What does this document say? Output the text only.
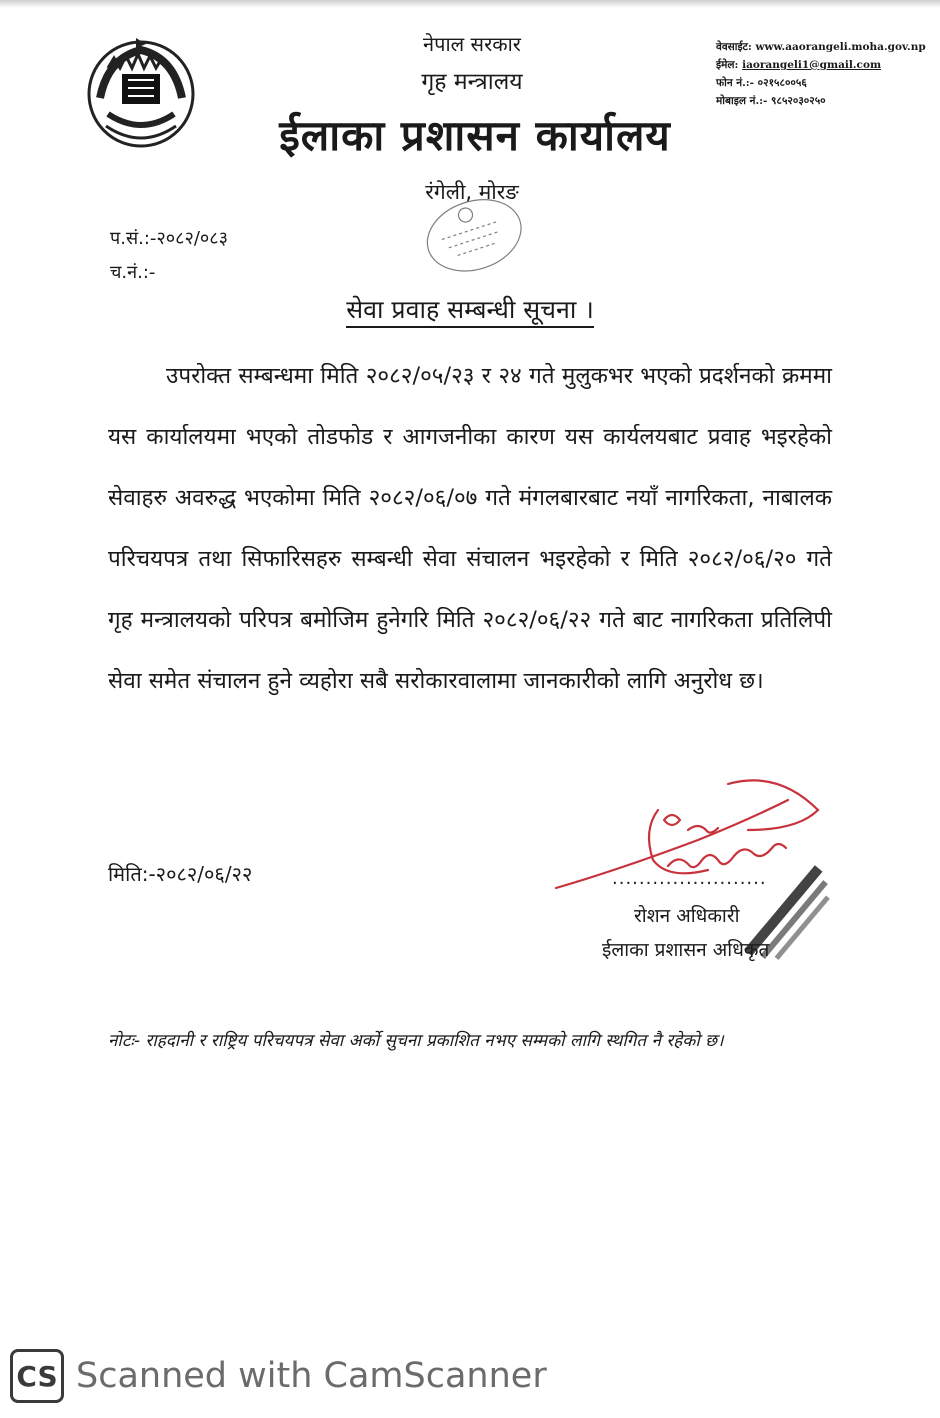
नेपाल सरकार
गृह मन्त्रालय
ईलाका प्रशासन कार्यालय
रंगेली, मोरङ
वेवसाईट: www.aaorangeli.moha.gov.np
ईमेल: iaorangeli1@gmail.com
फोन नं.:- ०२१५८००५६
मोबाइल नं.:- ९८५२०३०२५०
प.सं.:-२०८२/०८३
च.नं.:-
सेवा प्रवाह सम्बन्धी सूचना ।
उपरोक्त सम्बन्धमा मिति २०८२/०५/२३ र २४ गते मुलुकभर भएको प्रदर्शनको क्रममा यस कार्यालयमा भएको तोडफोड र आगजनीका कारण यस कार्यलयबाट प्रवाह भइरहेको सेवाहरु अवरुद्ध भएकोमा मिति २०८२/०६/०७ गते मंगलबारबाट नयाँ नागरिकता, नाबालक परिचयपत्र तथा सिफारिसहरु सम्बन्धी सेवा संचालन भइरहेको र मिति २०८२/०६/२० गते गृह मन्त्रालयको परिपत्र बमोजिम हुनेगरि मिति २०८२/०६/२२ गते बाट नागरिकता प्रतिलिपी सेवा समेत संचालन हुने व्यहोरा सबै सरोकारवालामा जानकारीको लागि अनुरोध छ।
मिति:-२०८२/०६/२२	.......................
रोशन अधिकारी
ईलाका प्रशासन अधिकृत
नोटः- राहदानी र राष्ट्रिय परिचयपत्र सेवा अर्को सुचना प्रकाशित नभए सम्मको लागि स्थगित नै रहेको छ।
CS Scanned with CamScanner
